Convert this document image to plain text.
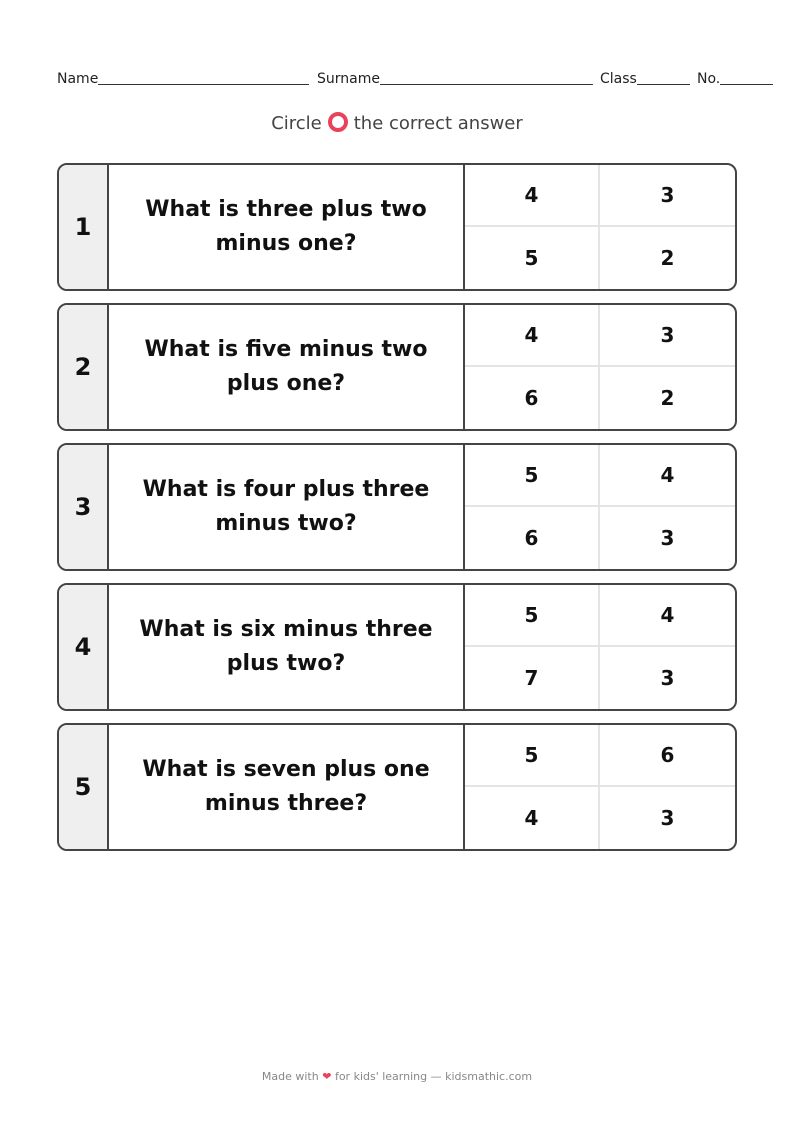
Name	Surname	Class	No.
Circle the correct answer
1
What is three plus two minus one?
4	3
5	2
2
What is five minus two plus one?
4	3
6	2
3
What is four plus three minus two?
5	4
6	3
4
What is six minus three plus two?
5	4
7	3
5
What is seven plus one minus three?
5	6
4	3
Made with ❤ for kids' learning — kidsmathic.com
